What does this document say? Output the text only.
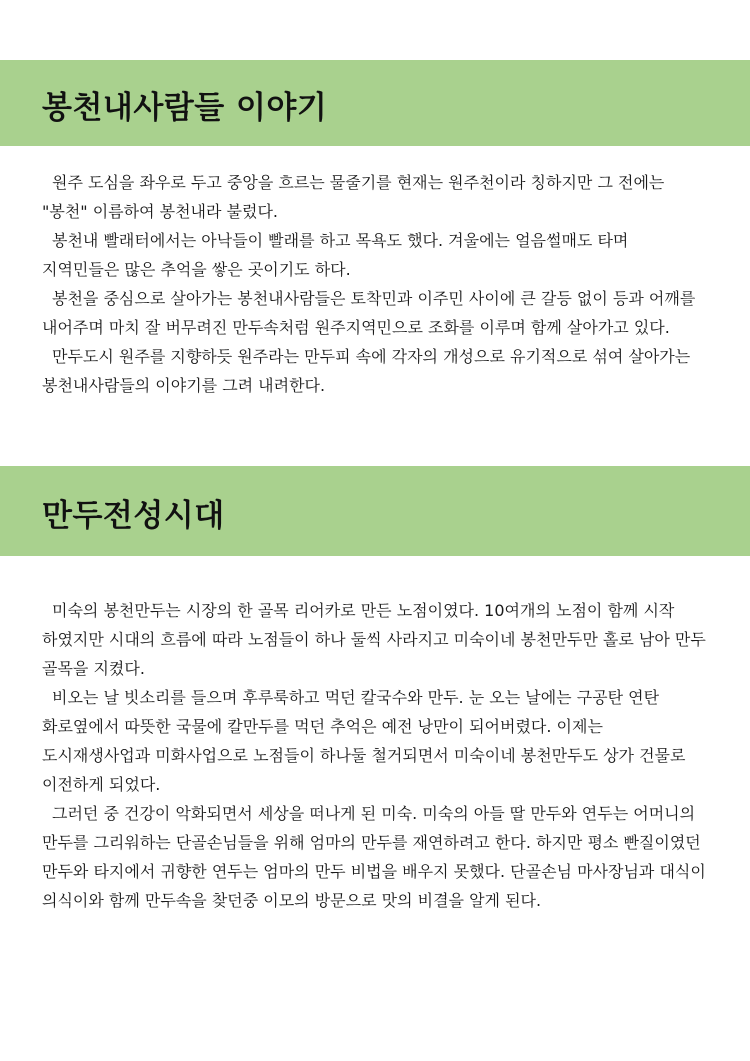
봉천내사람들 이야기

원주 도심을 좌우로 두고 중앙을 흐르는 물줄기를 현재는 원주천이라 칭하지만 그 전에는 "봉천" 이름하여 봉천내라 불렀다.

봉천내 빨래터에서는 아낙들이 빨래를 하고 목욕도 했다. 겨울에는 얼음썰매도 타며 지역민들은 많은 추억을 쌓은 곳이기도 하다.

봉천을 중심으로 살아가는 봉천내사람들은 토착민과 이주민 사이에 큰 갈등 없이 등과 어깨를 내어주며 마치 잘 버무려진 만두속처럼 원주지역민으로 조화를 이루며 함께 살아가고 있다.

만두도시 원주를 지향하듯 원주라는 만두피 속에 각자의 개성으로 유기적으로 섞여 살아가는 봉천내사람들의 이야기를 그려 내려한다.

만두전성시대

미숙의 봉천만두는 시장의 한 골목 리어카로 만든 노점이였다. 10여개의 노점이 함께 시작 하였지만 시대의 흐름에 따라 노점들이 하나 둘씩 사라지고 미숙이네 봉천만두만 홀로 남아 만두 골목을 지켰다.

비오는 날 빗소리를 들으며 후루룩하고 먹던 칼국수와 만두. 눈 오는 날에는 구공탄 연탄 화로옆에서 따뜻한 국물에 칼만두를 먹던 추억은 예전 낭만이 되어버렸다. 이제는 도시재생사업과 미화사업으로 노점들이 하나둘 철거되면서 미숙이네 봉천만두도 상가 건물로 이전하게 되었다.

그러던 중 건강이 악화되면서 세상을 떠나게 된 미숙. 미숙의 아들 딸 만두와 연두는 어머니의 만두를 그리워하는 단골손님들을 위해 엄마의 만두를 재연하려고 한다. 하지만 평소 빤질이였던 만두와 타지에서 귀향한 연두는 엄마의 만두 비법을 배우지 못했다. 단골손님 마사장님과 대식이 의식이와 함께 만두속을 찾던중 이모의 방문으로 맛의 비결을 알게 된다.
